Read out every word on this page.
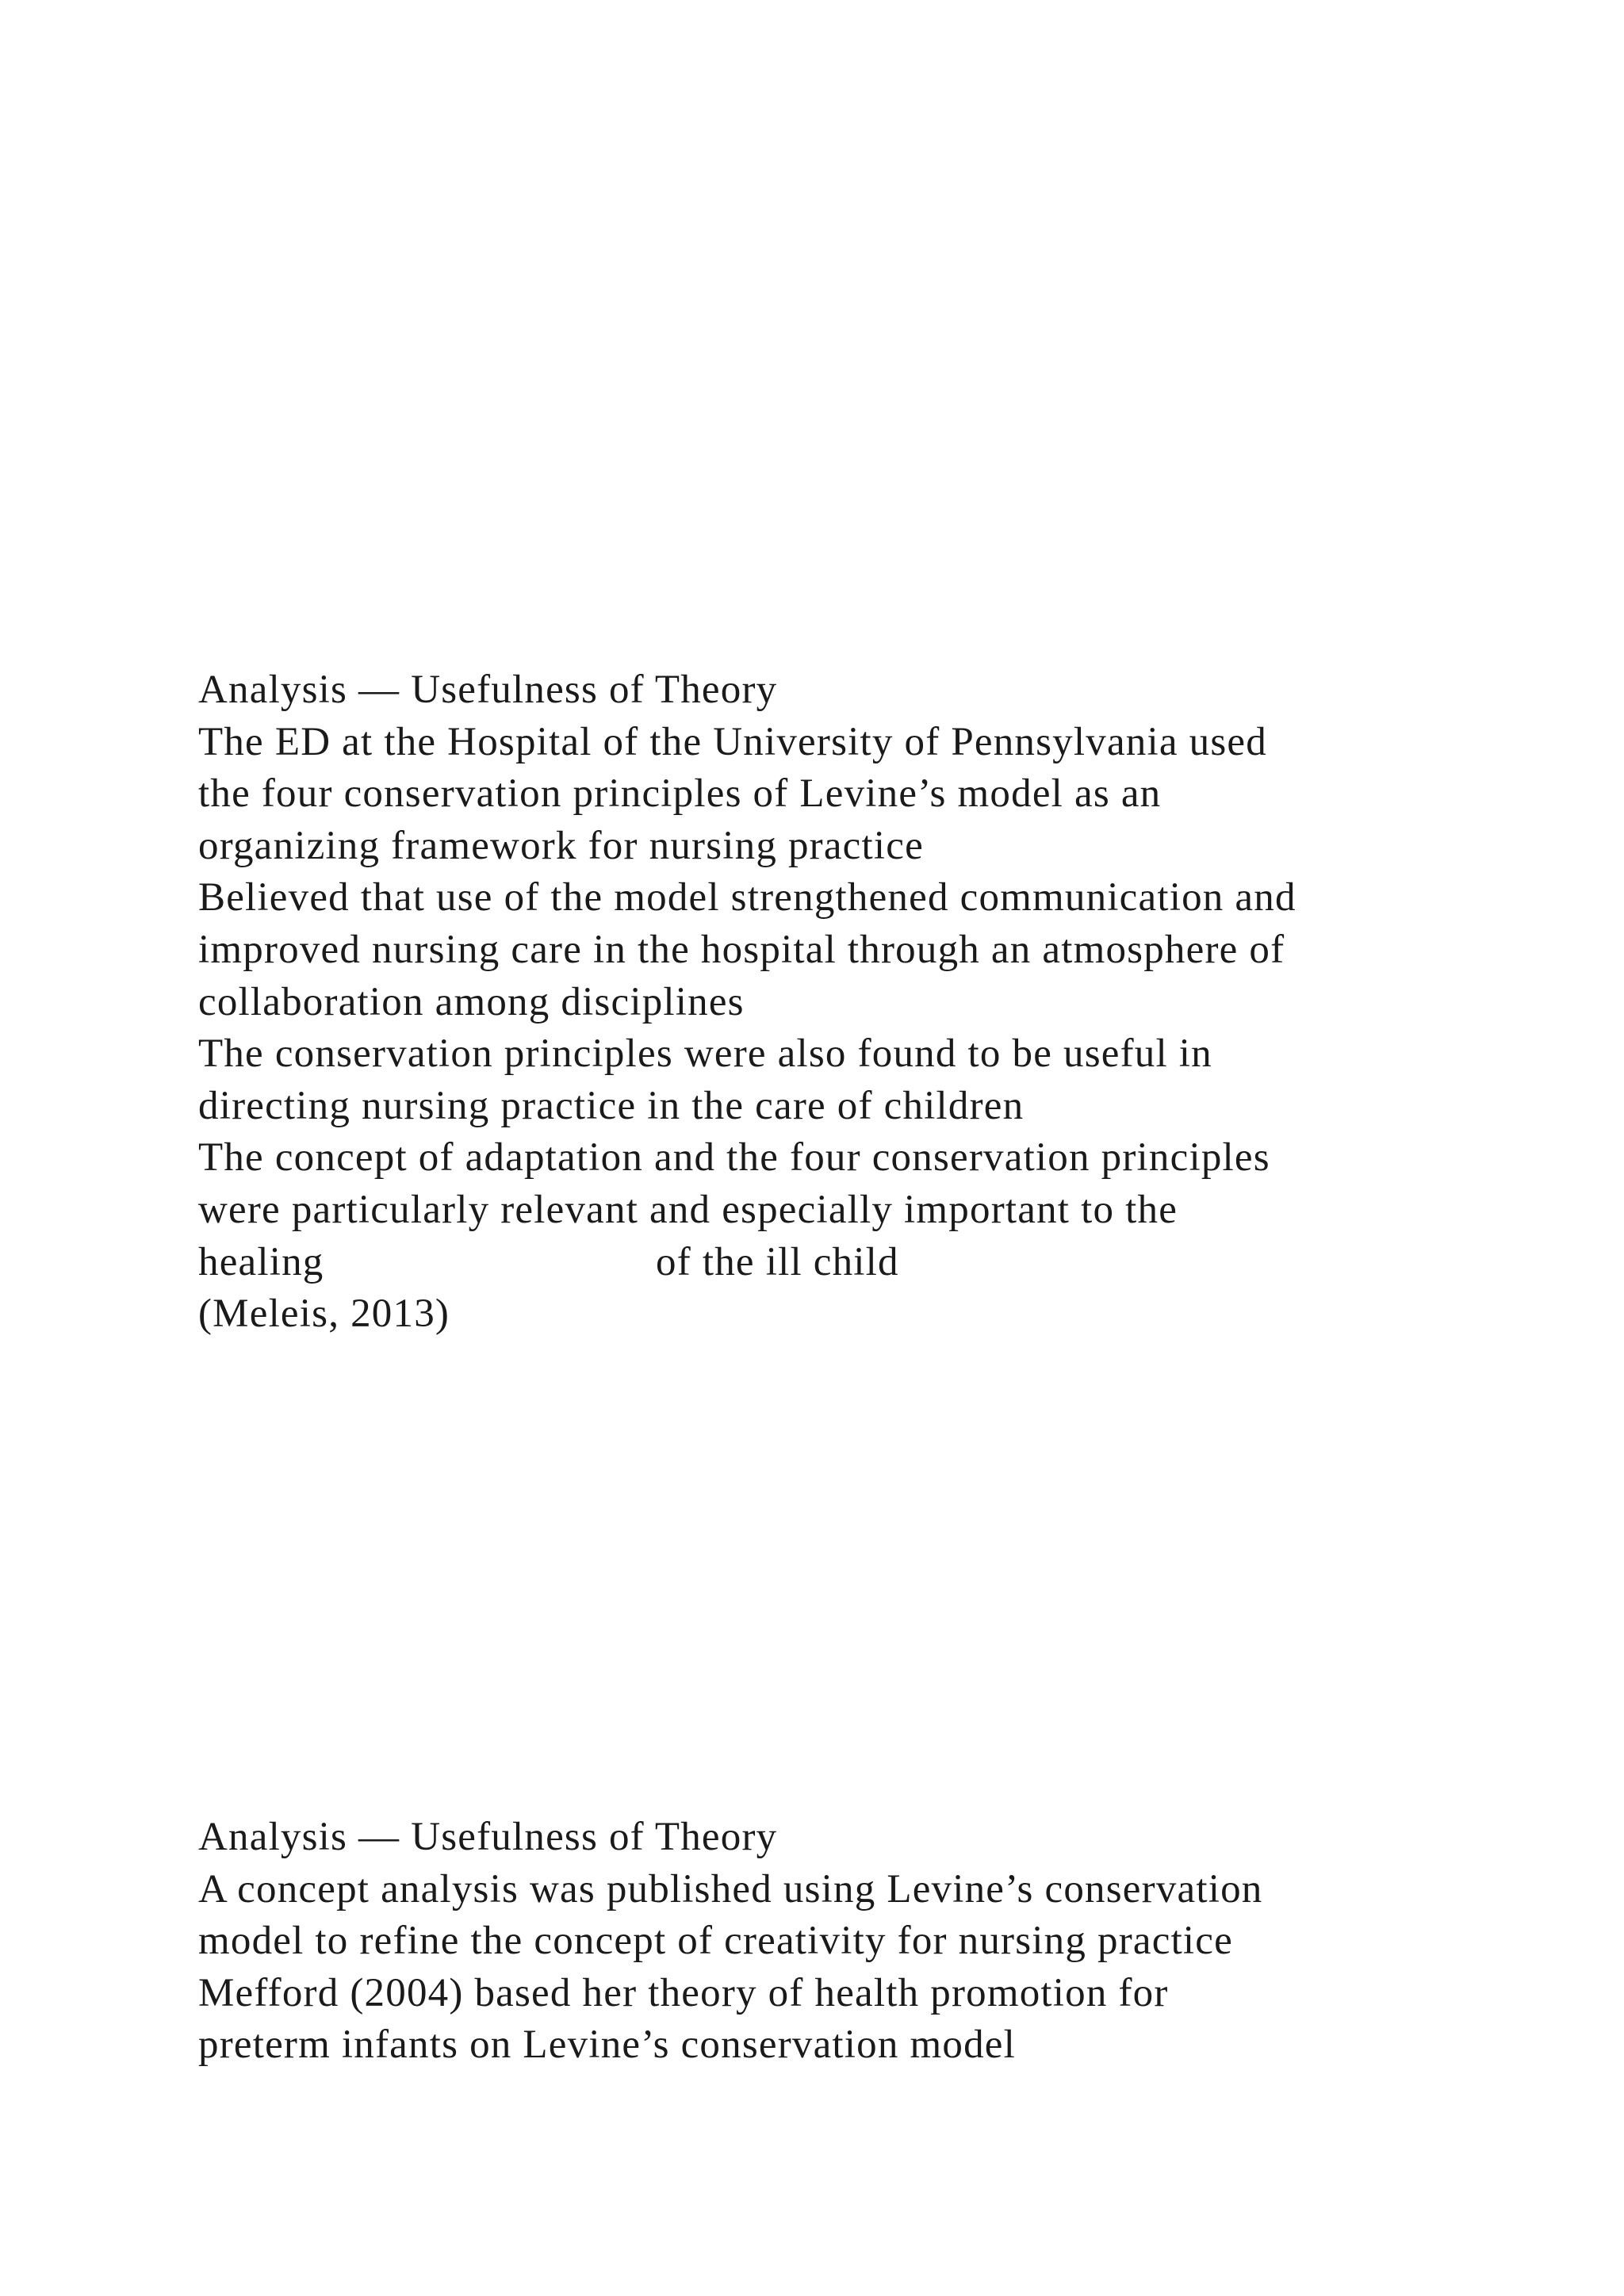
Analysis — Usefulness of Theory

The ED at the Hospital of the University of Pennsylvania used

the four conservation principles of Levine’s model as an

organizing framework for nursing practice

Believed that use of the model strengthened communication and

improved nursing care in the hospital through an atmosphere of

collaboration among disciplines

The conservation principles were also found to be useful in

directing nursing practice in the care of children

The concept of adaptation and the four conservation principles

were particularly relevant and especially important to the

healing                              of the ill child

(Meleis, 2013)

Analysis — Usefulness of Theory

A concept analysis was published using Levine’s conservation

model to refine the concept of creativity for nursing practice

Mefford (2004) based her theory of health promotion for

preterm infants on Levine’s conservation model
